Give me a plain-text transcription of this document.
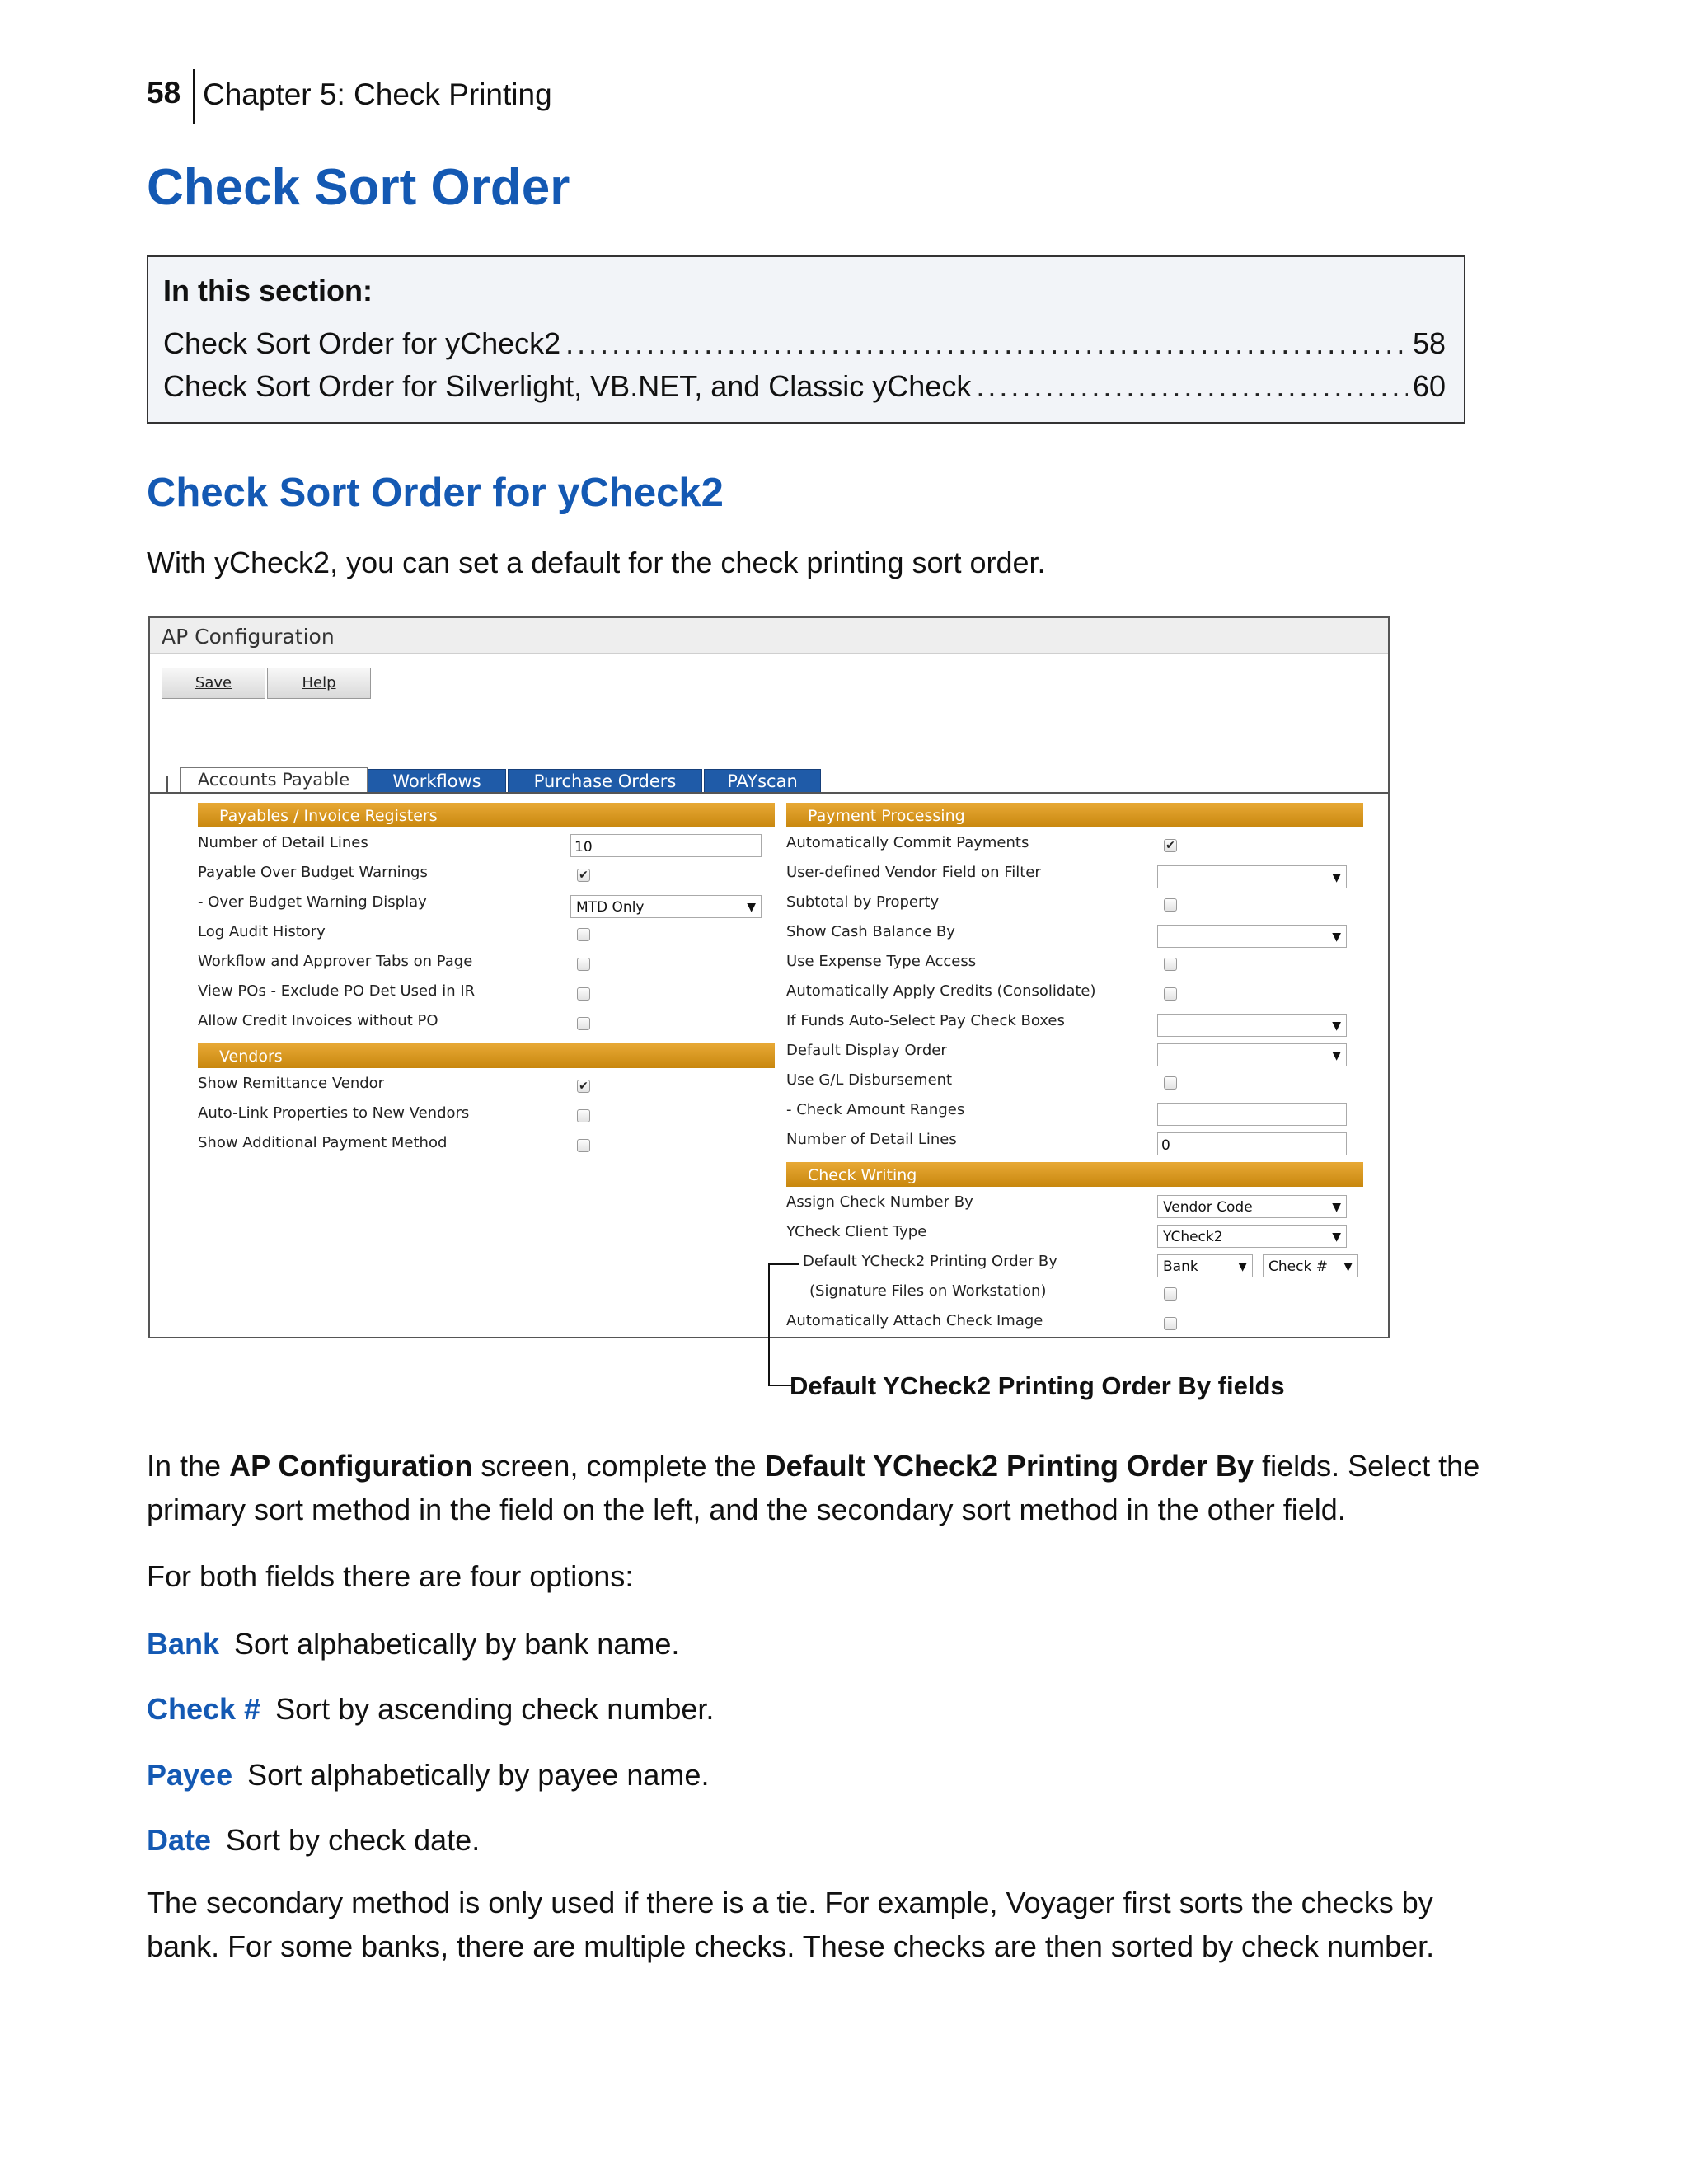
58 Chapter 5: Check Printing
Check Sort Order
In this section:
Check Sort Order for yCheck2 .....	58
Check Sort Order for Silverlight, VB.NET, and Classic yCheck .....	60
Check Sort Order for yCheck2
With yCheck2, you can set a default for the check printing sort order.
AP Configuration
Save	Help
Accounts Payable	Workflows	Purchase Orders	PAYscan
Payables / Invoice Registers
Number of Detail Lines	10
Payable Over Budget Warnings	✔
- Over Budget Warning Display	MTD Only	▼
Log Audit History
Workflow and Approver Tabs on Page
View POs - Exclude PO Det Used in IR
Allow Credit Invoices without PO
Vendors
Show Remittance Vendor	✔
Auto-Link Properties to New Vendors
Show Additional Payment Method
Payment Processing
Automatically Commit Payments	✔
User-defined Vendor Field on Filter	▼
Subtotal by Property
Show Cash Balance By	▼
Use Expense Type Access
Automatically Apply Credits (Consolidate)
If Funds Auto-Select Pay Check Boxes	▼
Default Display Order	▼
Use G/L Disbursement
- Check Amount Ranges
Number of Detail Lines	0
Check Writing
Assign Check Number By	Vendor Code	▼
YCheck Client Type	YCheck2	▼
Default YCheck2 Printing Order By	Bank	▼	Check # ▼
(Signature Files on Workstation)
Automatically Attach Check Image
Default YCheck2 Printing Order By fields
In the AP Configuration screen, complete the Default YCheck2 Printing Order By fields. Select the primary sort method in the field on the left, and the secondary sort method in the other field.
For both fields there are four options:
Bank Sort alphabetically by bank name.
Check # Sort by ascending check number.
Payee Sort alphabetically by payee name.
Date Sort by check date.
The secondary method is only used if there is a tie. For example, Voyager first sorts the checks by bank. For some banks, there are multiple checks. These checks are then sorted by check number.
